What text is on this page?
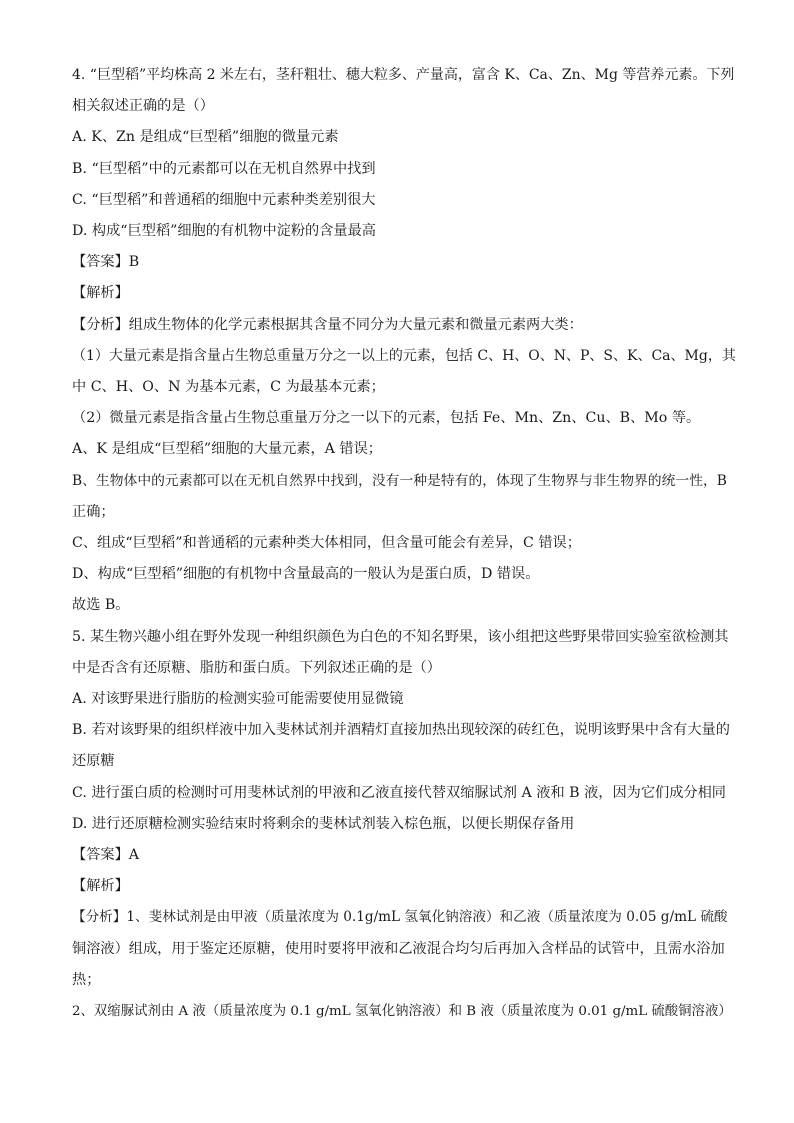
4. “巨型稻”平均株高 2 米左右，茎秆粗壮、穗大粒多、产量高，富含 K、Ca、Zn、Mg 等营养元素。下列
相关叙述正确的是（）
A. K、Zn 是组成“巨型稻”细胞的微量元素
B. “巨型稻”中的元素都可以在无机自然界中找到
C. “巨型稻”和普通稻的细胞中元素种类差别很大
D. 构成“巨型稻”细胞的有机物中淀粉的含量最高
【答案】B
【解析】
【分析】组成生物体的化学元素根据其含量不同分为大量元素和微量元素两大类：
（1）大量元素是指含量占生物总重量万分之一以上的元素，包括 C、H、O、N、P、S、K、Ca、Mg，其
中 C、H、O、N 为基本元素，C 为最基本元素；
（2）微量元素是指含量占生物总重量万分之一以下的元素，包括 Fe、Mn、Zn、Cu、B、Mo 等。
A、K 是组成“巨型稻”细胞的大量元素，A 错误；
B、生物体中的元素都可以在无机自然界中找到，没有一种是特有的，体现了生物界与非生物界的统一性，B
正确；
C、组成“巨型稻”和普通稻的元素种类大体相同，但含量可能会有差异，C 错误；
D、构成“巨型稻”细胞的有机物中含量最高的一般认为是蛋白质，D 错误。
故选 B。
5. 某生物兴趣小组在野外发现一种组织颜色为白色的不知名野果，该小组把这些野果带回实验室欲检测其
中是否含有还原糖、脂肪和蛋白质。下列叙述正确的是（）
A. 对该野果进行脂肪的检测实验可能需要使用显微镜
B. 若对该野果的组织样液中加入斐林试剂并酒精灯直接加热出现较深的砖红色，说明该野果中含有大量的
还原糖
C. 进行蛋白质的检测时可用斐林试剂的甲液和乙液直接代替双缩脲试剂 A 液和 B 液，因为它们成分相同
D. 进行还原糖检测实验结束时将剩余的斐林试剂装入棕色瓶，以便长期保存备用
【答案】A
【解析】
【分析】1、斐林试剂是由甲液（质量浓度为 0.1g/mL 氢氧化钠溶液）和乙液（质量浓度为 0.05 g/mL 硫酸
铜溶液）组成，用于鉴定还原糖，使用时要将甲液和乙液混合均匀后再加入含样品的试管中，且需水浴加
热；
2、双缩脲试剂由 A 液（质量浓度为 0.1 g/mL 氢氧化钠溶液）和 B 液（质量浓度为 0.01 g/mL 硫酸铜溶液）
